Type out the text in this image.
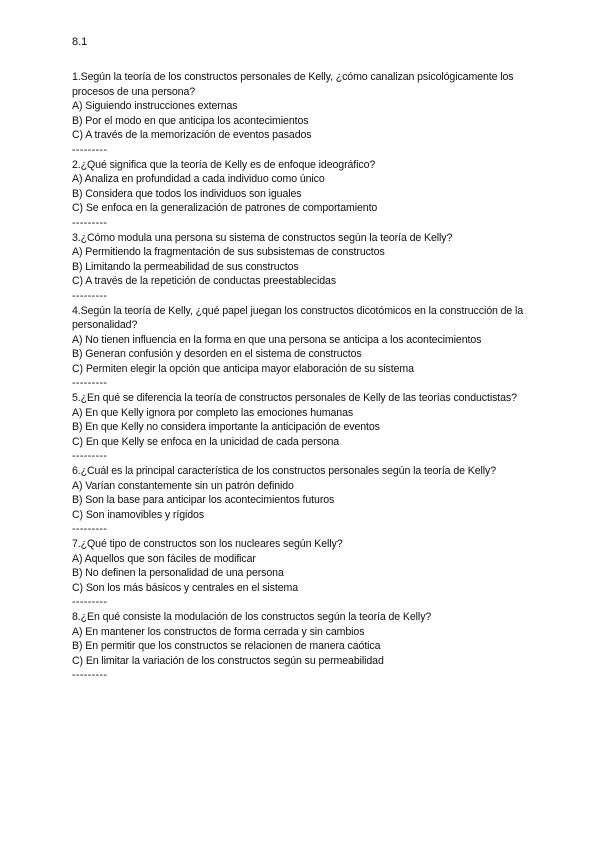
8.1
1.Según la teoría de los constructos personales de Kelly, ¿cómo canalizan psicológicamente los procesos de una persona?
A) Siguiendo instrucciones externas
B) Por el modo en que anticipa los acontecimientos
C) A través de la memorización de eventos pasados
---------
2.¿Qué significa que la teoría de Kelly es de enfoque ideográfico?
A) Analiza en profundidad a cada individuo como único
B) Considera que todos los individuos son iguales
C) Se enfoca en la generalización de patrones de comportamiento
---------
3.¿Cómo modula una persona su sistema de constructos según la teoría de Kelly?
A) Permitiendo la fragmentación de sus subsistemas de constructos
B) Limitando la permeabilidad de sus constructos
C) A través de la repetición de conductas preestablecidas
---------
4.Según la teoría de Kelly, ¿qué papel juegan los constructos dicotómicos en la construcción de la personalidad?
A) No tienen influencia en la forma en que una persona se anticipa a los acontecimientos
B) Generan confusión y desorden en el sistema de constructos
C) Permiten elegir la opción que anticipa mayor elaboración de su sistema
---------
5.¿En qué se diferencia la teoría de constructos personales de Kelly de las teorías conductistas?
A) En que Kelly ignora por completo las emociones humanas
B) En que Kelly no considera importante la anticipación de eventos
C) En que Kelly se enfoca en la unicidad de cada persona
---------
6.¿Cuál es la principal característica de los constructos personales según la teoría de Kelly?
A) Varían constantemente sin un patrón definido
B) Son la base para anticipar los acontecimientos futuros
C) Son inamovibles y rígidos
---------
7.¿Qué tipo de constructos son los nucleares según Kelly?
A) Aquellos que son fáciles de modificar
B) No definen la personalidad de una persona
C) Son los más básicos y centrales en el sistema
---------
8.¿En qué consiste la modulación de los constructos según la teoría de Kelly?
A) En mantener los constructos de forma cerrada y sin cambios
B) En permitir que los constructos se relacionen de manera caótica
C) En limitar la variación de los constructos según su permeabilidad
---------
